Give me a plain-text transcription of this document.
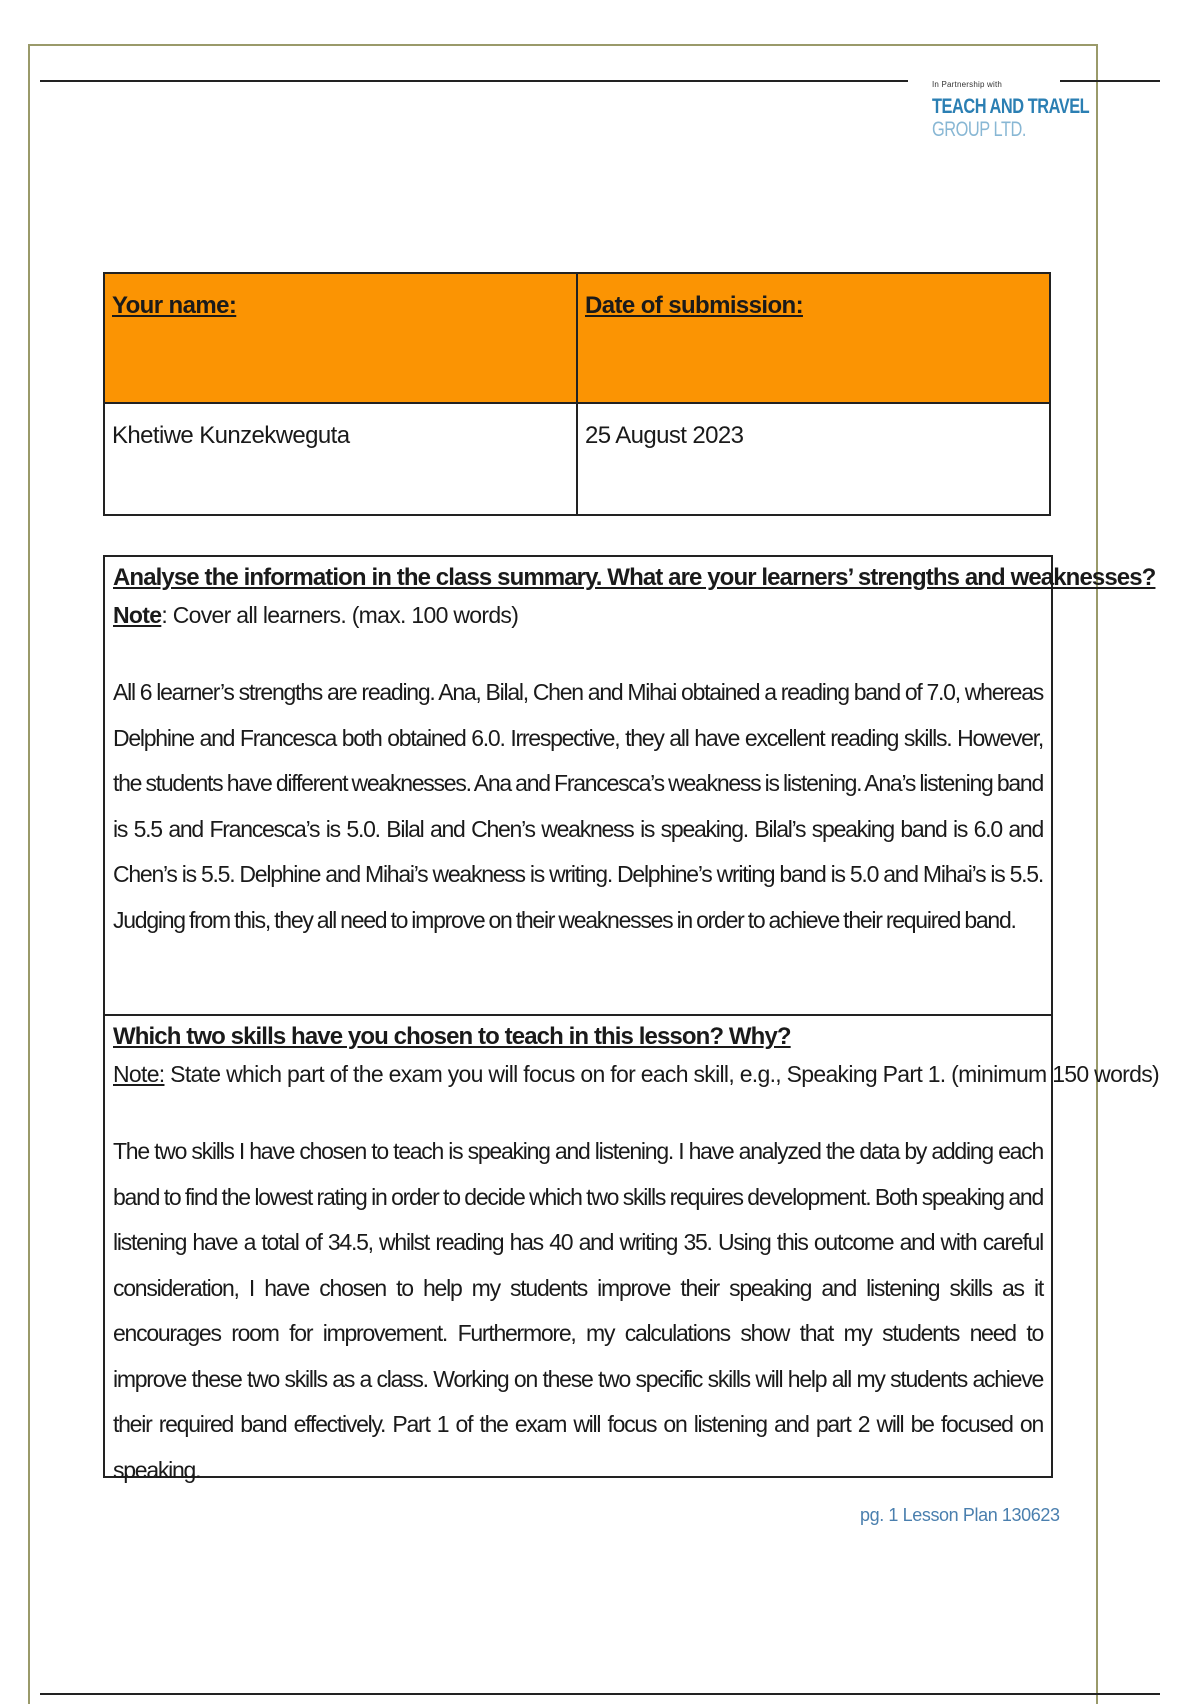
In Partnership with
TEACH AND TRAVEL
GROUP LTD.
Your name:	Date of submission:
Khetiwe Kunzekweguta	25 August 2023
Analyse the information in the class summary. What are your learners’ strengths and weaknesses?
Note: Cover all learners. (max. 100 words)
All 6 learner’s strengths are reading. Ana, Bilal, Chen and Mihai obtained a reading band of 7.0, whereas Delphine and Francesca both obtained 6.0. Irrespective, they all have excellent reading skills. However, the students have different weaknesses. Ana and Francesca’s weakness is listening. Ana’s listening band is 5.5 and Francesca’s is 5.0. Bilal and Chen’s weakness is speaking. Bilal’s speaking band is 6.0 and Chen’s is 5.5. Delphine and Mihai’s weakness is writing. Delphine’s writing band is 5.0 and Mihai’s is 5.5. Judging from this, they all need to improve on their weaknesses in order to achieve their required band.
Which two skills have you chosen to teach in this lesson? Why?
Note: State which part of the exam you will focus on for each skill, e.g., Speaking Part 1. (minimum 150 words)
The two skills I have chosen to teach is speaking and listening. I have analyzed the data by adding each band to find the lowest rating in order to decide which two skills requires development. Both speaking and listening have a total of 34.5, whilst reading has 40 and writing 35. Using this outcome and with careful consideration, I have chosen to help my students improve their speaking and listening skills as it encourages room for improvement. Furthermore, my calculations show that my students need to improve these two skills as a class. Working on these two specific skills will help all my students achieve their required band effectively. Part 1 of the exam will focus on listening and part 2 will be focused on speaking.
pg. 1 Lesson Plan 130623
